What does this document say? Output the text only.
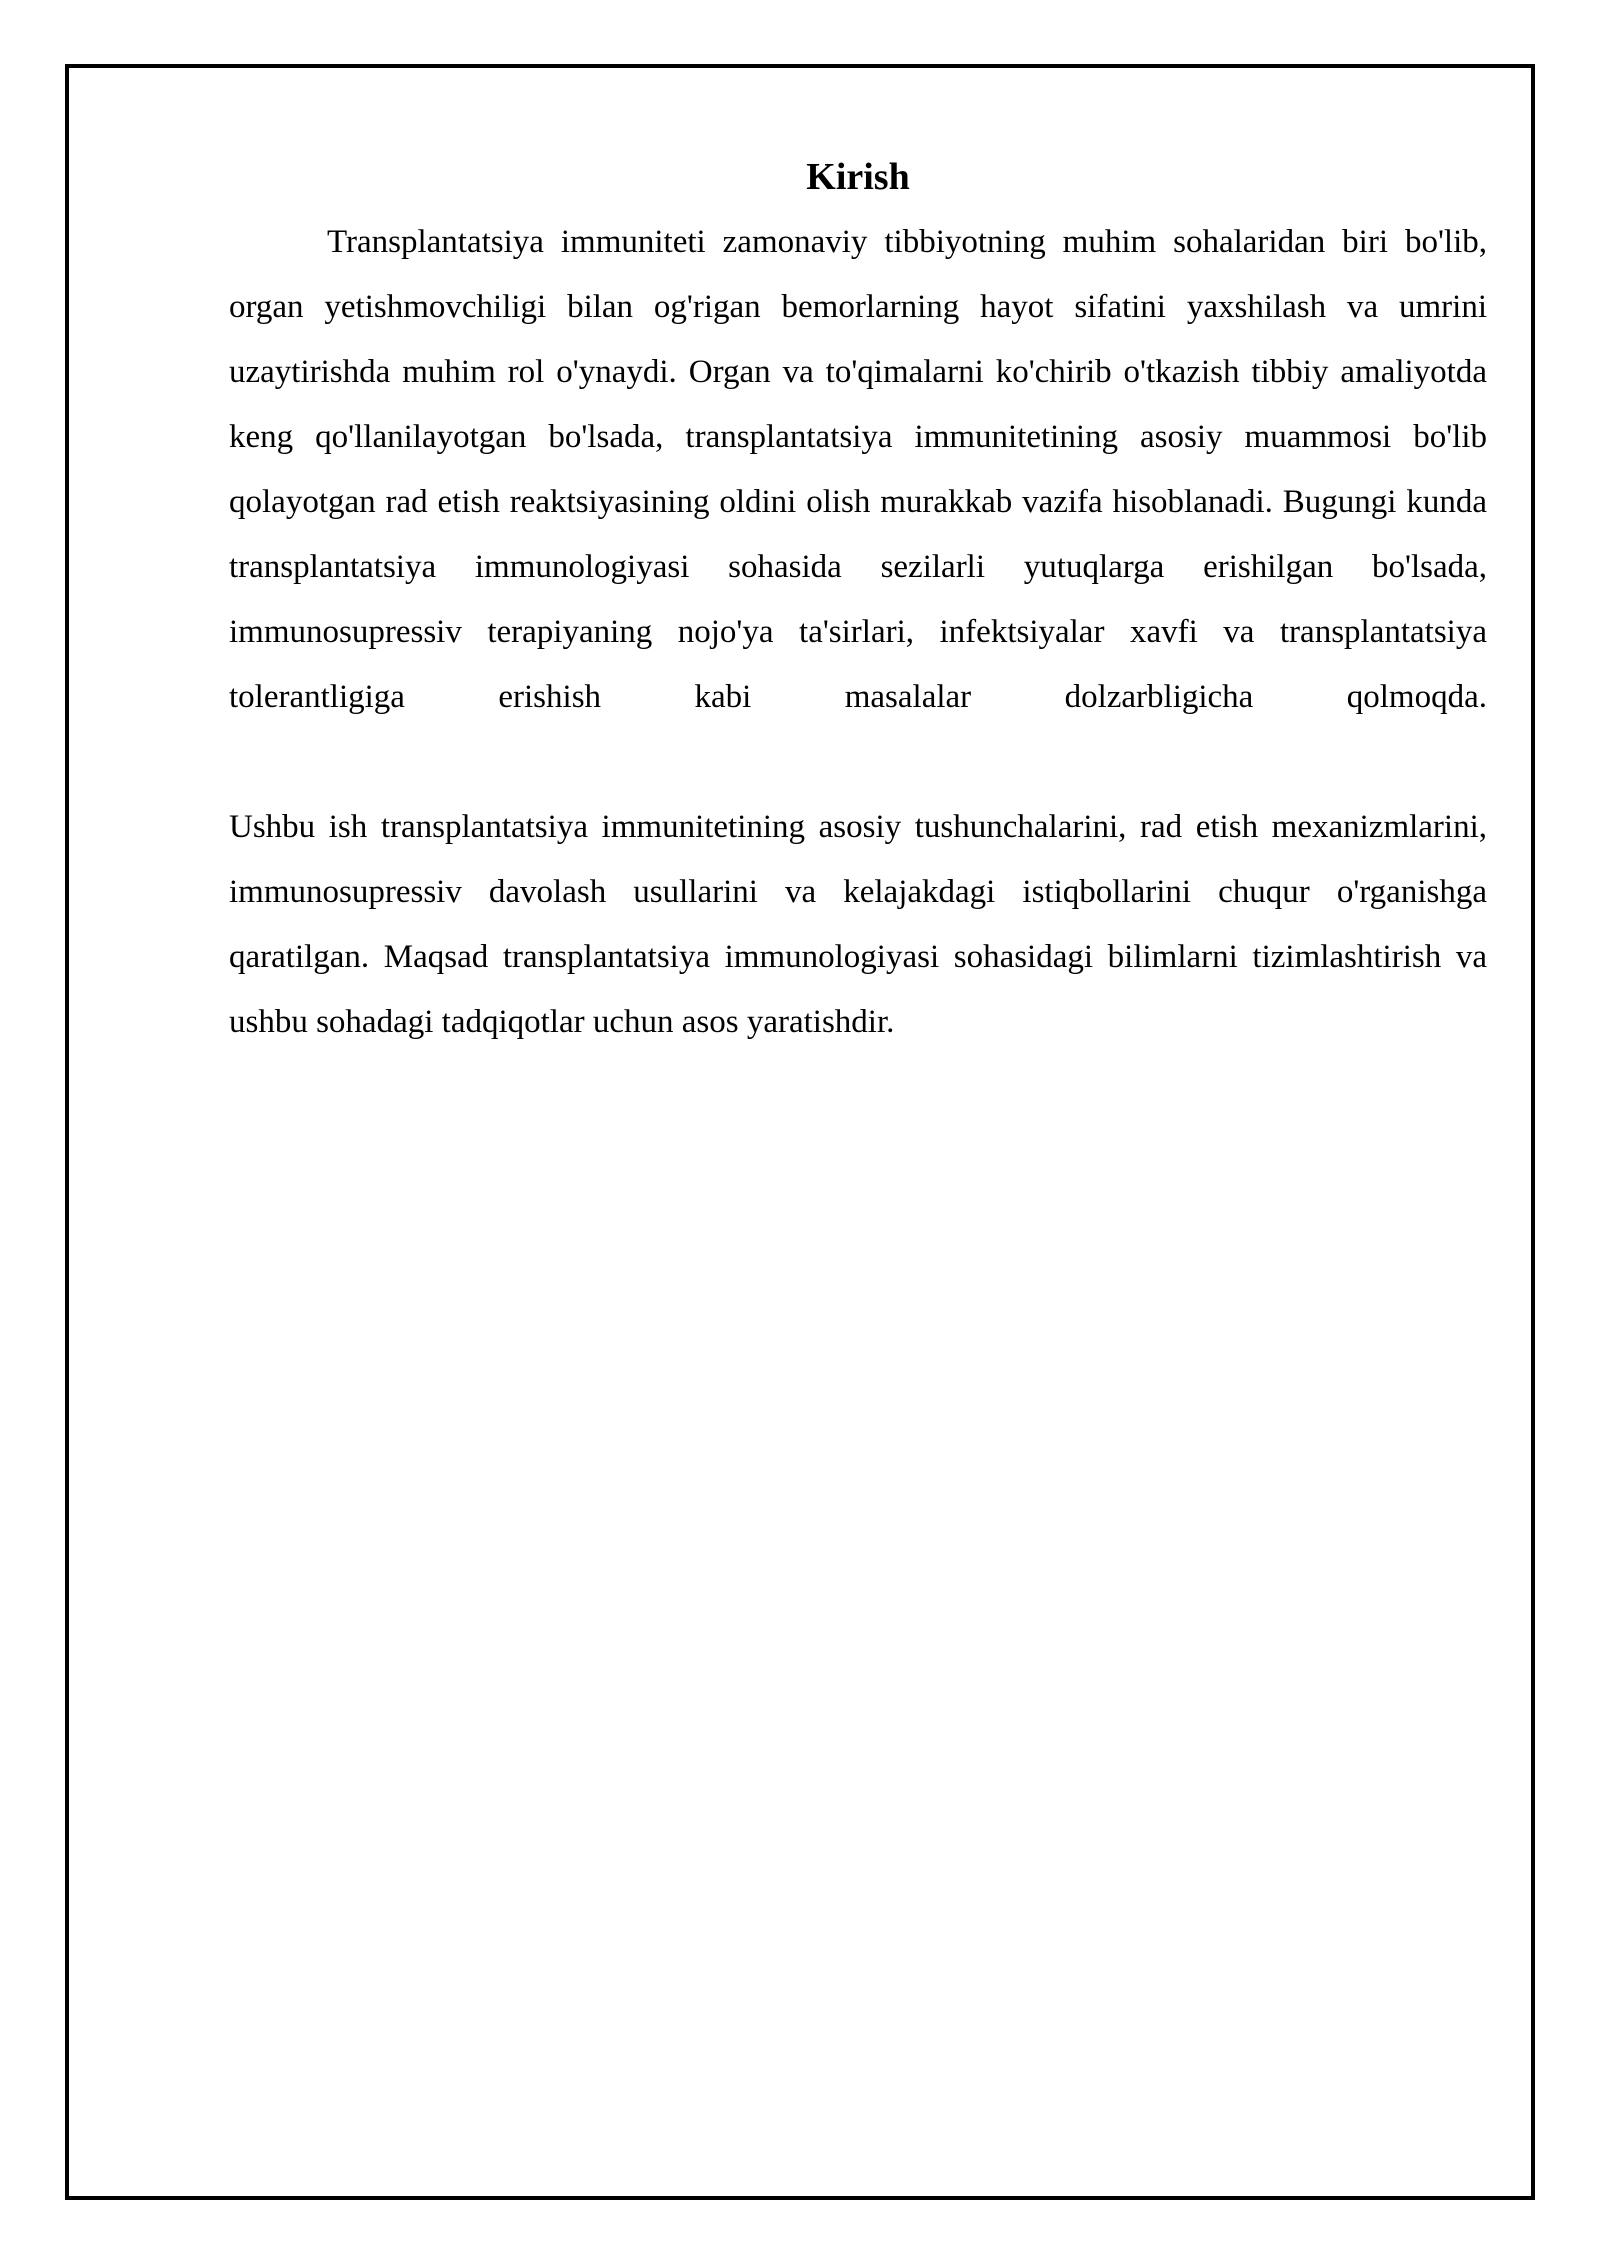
Kirish

Transplantatsiya immuniteti zamonaviy tibbiyotning muhim sohalaridan biri bo'lib, organ yetishmovchiligi bilan og'rigan bemorlarning hayot sifatini yaxshilash va umrini uzaytirishda muhim rol o'ynaydi. Organ va to'qimalarni ko'chirib o'tkazish tibbiy amaliyotda keng qo'llanilayotgan bo'lsada, transplantatsiya immunitetining asosiy muammosi bo'lib qolayotgan rad etish reaktsiyasining oldini olish murakkab vazifa hisoblanadi. Bugungi kunda transplantatsiya immunologiyasi sohasida sezilarli yutuqlarga erishilgan bo'lsada, immunosupressiv terapiyaning nojo'ya ta'sirlari, infektsiyalar xavfi va transplantatsiya tolerantligiga erishish kabi masalalar dolzarbligicha qolmoqda.

Ushbu ish transplantatsiya immunitetining asosiy tushunchalarini, rad etish mexanizmlarini, immunosupressiv davolash usullarini va kelajakdagi istiqbollarini chuqur o'rganishga qaratilgan. Maqsad transplantatsiya immunologiyasi sohasidagi bilimlarni tizimlashtirish va ushbu sohadagi tadqiqotlar uchun asos yaratishdir.
